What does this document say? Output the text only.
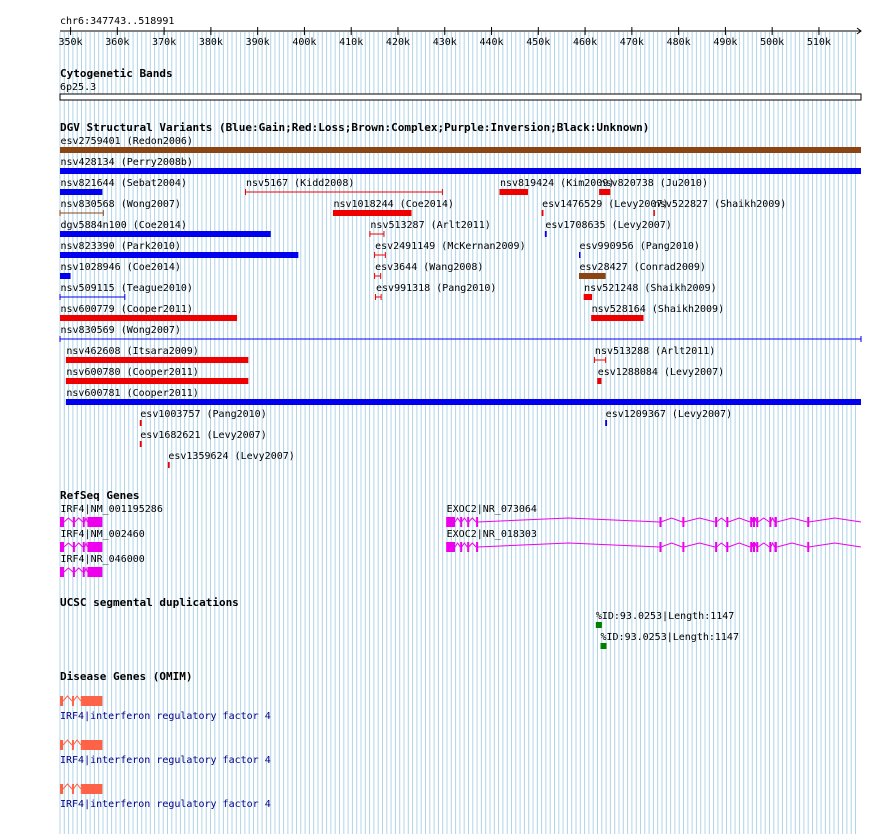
chr6:347743..518991
350k 360k 370k 380k 390k 400k 410k 420k 430k 440k 450k 460k 470k 480k 490k 500k 510k
Cytogenetic Bands
6p25.3
DGV Structural Variants (Blue:Gain;Red:Loss;Brown:Complex;Purple:Inversion;Black:Unknown)
esv2759401 (Redon2006)
nsv428134 (Perry2008b)
nsv821644 (Sebat2004)	nsv5167 (Kidd2008)	nsv819424 (Kim2009)
nsv820738 (Ju2010)
nsv830568 (Wong2007)	nsv1018244 (Coe2014)	esv1476529 (Levy2007)
nsv522827 (Shaikh2009)
dgv5884n100 (Coe2014)	nsv513287 (Arlt2011)	esv1708635 (Levy2007)
nsv823390 (Park2010)	esv2491149 (McKernan2009)	esv990956 (Pang2010)
nsv1028946 (Coe2014)	esv3644 (Wang2008)	esv28427 (Conrad2009)
nsv509115 (Teague2010)	esv991318 (Pang2010)	nsv521248 (Shaikh2009)
nsv600779 (Cooper2011)	nsv528164 (Shaikh2009)
nsv830569 (Wong2007)
nsv462608 (Itsara2009)	nsv513288 (Arlt2011)
nsv600780 (Cooper2011)	esv1288084 (Levy2007)
nsv600781 (Cooper2011)
esv1003757 (Pang2010)	esv1209367 (Levy2007)
esv1682621 (Levy2007)
esv1359624 (Levy2007)
RefSeq Genes
IRF4|NM_001195286
IRF4|NM_002460
IRF4|NR_046000
EXOC2|NR_073064
EXOC2|NR_018303
UCSC segmental duplications
%ID:93.0253|Length:1147
%ID:93.0253|Length:1147
Disease Genes (OMIM)
IRF4|interferon regulatory factor 4
IRF4|interferon regulatory factor 4
IRF4|interferon regulatory factor 4
